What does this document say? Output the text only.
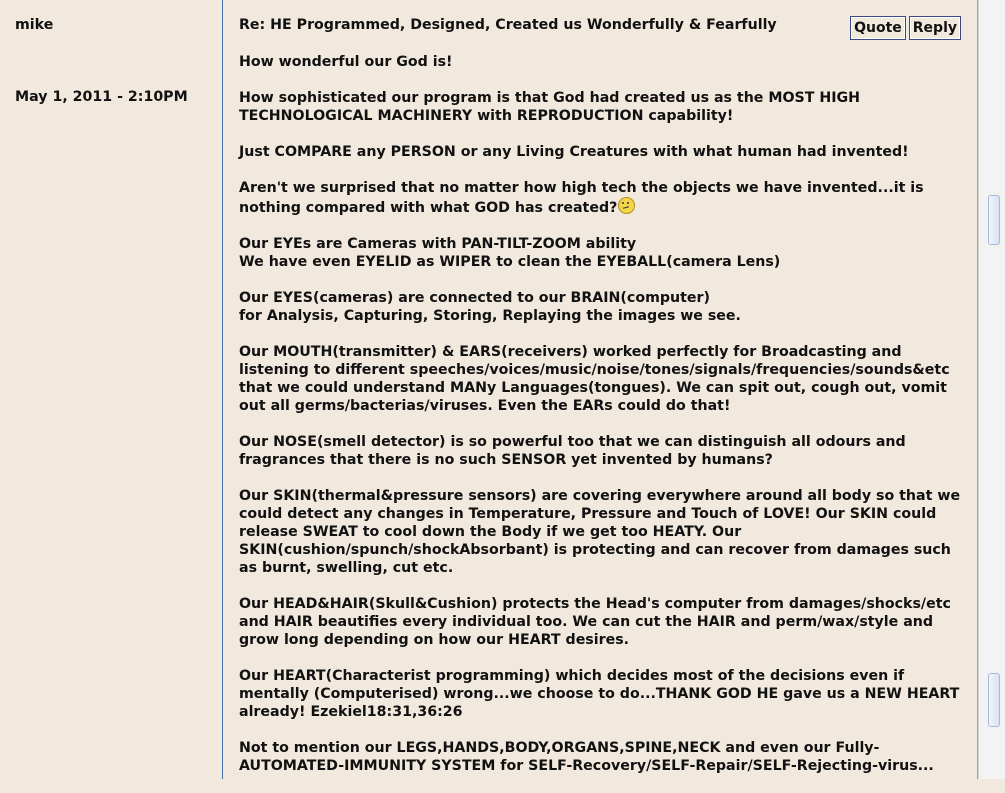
mike
May 1, 2011 - 2:10PM
Re: HE Programmed, Designed, Created us Wonderfully & Fearfully	Quote Reply

How wonderful our God is!

How sophisticated our program is that God had created us as the MOST HIGH TECHNOLOGICAL MACHINERY with REPRODUCTION capability!

Just COMPARE any PERSON or any Living Creatures with what human had invented!

Aren't we surprised that no matter how high tech the objects we have invented...it is nothing compared with what GOD has created?

Our EYEs are Cameras with PAN-TILT-ZOOM ability
We have even EYELID as WIPER to clean the EYEBALL(camera Lens)

Our EYES(cameras) are connected to our BRAIN(computer)
for Analysis, Capturing, Storing, Replaying the images we see.

Our MOUTH(transmitter) & EARS(receivers) worked perfectly for Broadcasting and listening to different speeches/voices/music/noise/tones/signals/frequencies/sounds&etc that we could understand MANy Languages(tongues). We can spit out, cough out, vomit out all germs/bacterias/viruses. Even the EARs could do that!

Our NOSE(smell detector) is so powerful too that we can distinguish all odours and fragrances that there is no such SENSOR yet invented by humans?

Our SKIN(thermal&pressure sensors) are covering everywhere around all body so that we could detect any changes in Temperature, Pressure and Touch of LOVE! Our SKIN could release SWEAT to cool down the Body if we get too HEATY. Our SKIN(cushion/spunch/shockAbsorbant) is protecting and can recover from damages such as burnt, swelling, cut etc.

Our HEAD&HAIR(Skull&Cushion) protects the Head's computer from damages/shocks/etc and HAIR beautifies every individual too. We can cut the HAIR and perm/wax/style and grow long depending on how our HEART desires.

Our HEART(Characterist programming) which decides most of the decisions even if mentally (Computerised) wrong...we choose to do...THANK GOD HE gave us a NEW HEART already! Ezekiel18:31,36:26

Not to mention our LEGS,HANDS,BODY,ORGANS,SPINE,NECK and even our Fully-AUTOMATED-IMMUNITY SYSTEM for SELF-Recovery/SELF-Repair/SELF-Rejecting-virus...
